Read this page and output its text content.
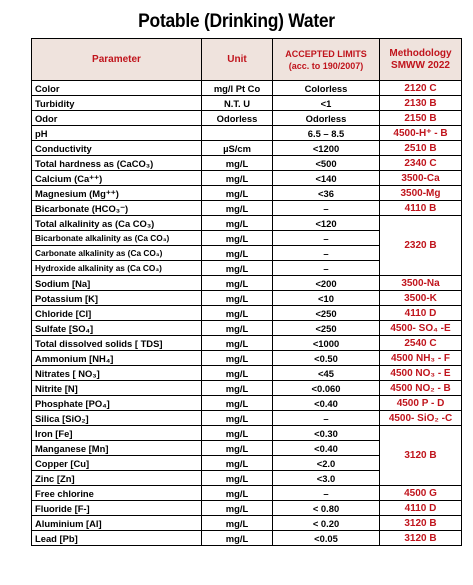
Potable (Drinking) Water
Parameter	Unit	ACCEPTED LIMITS (acc. to 190/2007)	Methodology SMWW 2022
Color	mg/l Pt Co	Colorless	2120 C
Turbidity	N.T. U	<1	2130 B
Odor	Odorless	Odorless	2150 B
pH		6.5 – 8.5	4500-H⁺ - B
Conductivity	µS/cm	<1200	2510 B
Total hardness as (CaCO₃)	mg/L	<500	2340 C
Calcium (Ca⁺⁺)	mg/L	<140	3500-Ca
Magnesium (Mg⁺⁺)	mg/L	<36	3500-Mg
Bicarbonate (HCO₃⁻)	mg/L	–	4110 B
Total alkalinity as (Ca CO₃)	mg/L	<120	2320 B
Bicarbonate alkalinity as (Ca CO₃)	mg/L	–	
Carbonate alkalinity as (Ca CO₃)	mg/L	–	
Hydroxide alkalinity as (Ca CO₃)	mg/L	–	
Sodium [Na]	mg/L	<200	3500-Na
Potassium [K]	mg/L	<10	3500-K
Chloride [Cl]	mg/L	<250	4110 D
Sulfate [SO₄]	mg/L	<250	4500- SO₄ -E
Total dissolved solids [ TDS]	mg/L	<1000	2540 C
Ammonium [NH₄]	mg/L	<0.50	4500 NH₃ - F
Nitrates [ NO₃]	mg/L	<45	4500 NO₃ - E
Nitrite [N]	mg/L	<0.060	4500 NO₂ - B
Phosphate [PO₄]	mg/L	<0.40	4500 P - D
Silica [SiO₂]	mg/L	–	4500- SiO₂ -C
Iron [Fe]	mg/L	<0.30	3120 B
Manganese [Mn]	mg/L	<0.40	
Copper [Cu]	mg/L	<2.0	
Zinc [Zn]	mg/L	<3.0	
Free chlorine	mg/L	–	4500 G
Fluoride [F-]	mg/L	< 0.80	4110 D
Aluminium [Al]	mg/L	< 0.20	3120 B
Lead [Pb]	mg/L	<0.05	3120 B
